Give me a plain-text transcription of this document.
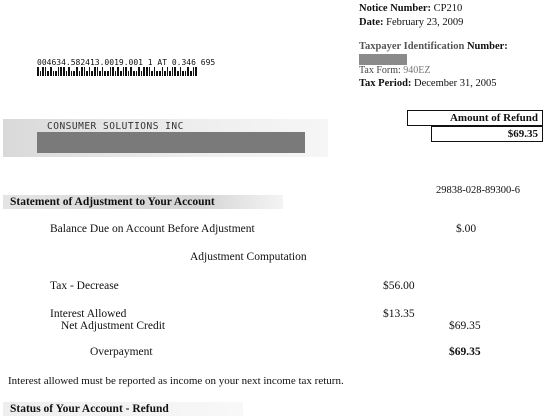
Notice Number: CP210
Date: February 23, 2009
Taxpayer Identification Number:
Tax Form: 940EZ
Tax Period: December 31, 2005
004634.582413.0019.001 1 AT 0.346 695
CONSUMER SOLUTIONS INC
Amount of Refund
$69.35
29838-028-89300-6
Statement of Adjustment to Your Account
Balance Due on Account Before Adjustment	$.00
Adjustment Computation
Tax - Decrease	$56.00
Interest Allowed	$13.35
Net Adjustment Credit	$69.35
Overpayment	$69.35
Interest allowed must be reported as income on your next income tax return.
Status of Your Account - Refund
